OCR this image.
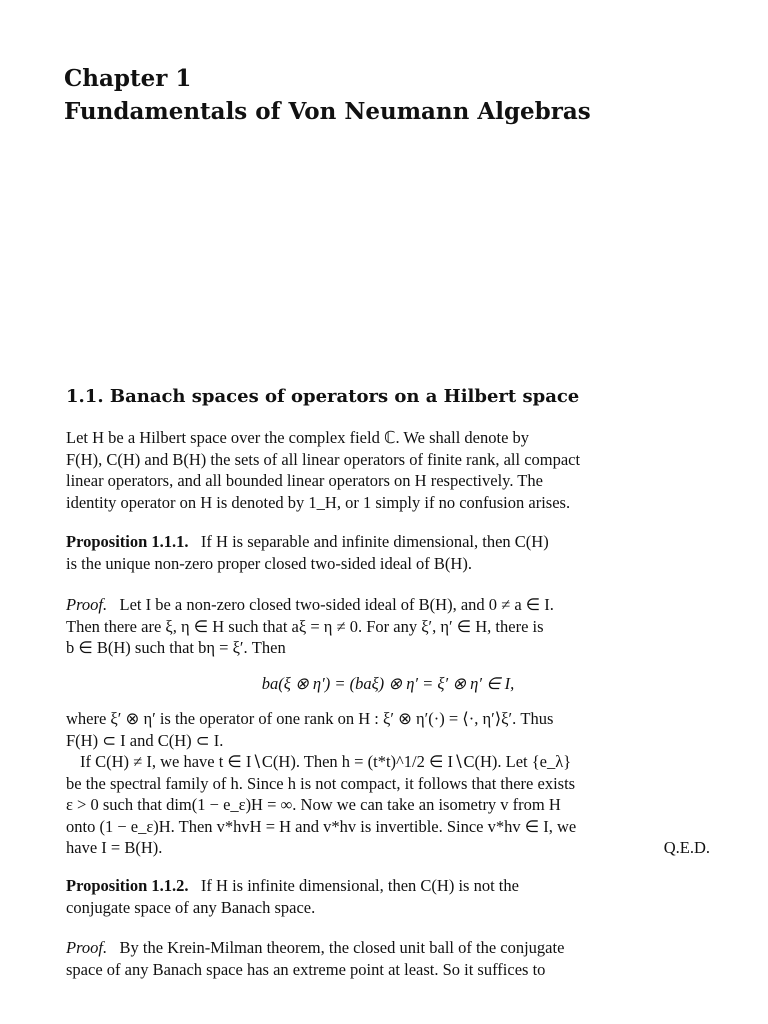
Chapter 1
Fundamentals of Von Neumann Algebras
1.1. Banach spaces of operators on a Hilbert space
Let H be a Hilbert space over the complex field ℂ. We shall denote by
F(H), C(H) and B(H) the sets of all linear operators of finite rank, all compact
linear operators, and all bounded linear operators on H respectively. The
identity operator on H is denoted by 1_H, or 1 simply if no confusion arises.
Proposition 1.1.1. If H is separable and infinite dimensional, then C(H)
is the unique non-zero proper closed two-sided ideal of B(H).
Proof. Let I be a non-zero closed two-sided ideal of B(H), and 0 ≠ a ∈ I.
Then there are ξ, η ∈ H such that aξ = η ≠ 0. For any ξ′, η′ ∈ H, there is
b ∈ B(H) such that bη = ξ′. Then
ba(ξ ⊗ η′) = (baξ) ⊗ η′ = ξ′ ⊗ η′ ∈ I,
where ξ′ ⊗ η′ is the operator of one rank on H : ξ′ ⊗ η′(·) = ⟨·, η′⟩ξ′. Thus
F(H) ⊂ I and C(H) ⊂ I.
If C(H) ≠ I, we have t ∈ I∖C(H). Then h = (t*t)^1/2 ∈ I∖C(H). Let {e_λ}
be the spectral family of h. Since h is not compact, it follows that there exists
ε > 0 such that dim(1 − e_ε)H = ∞. Now we can take an isometry v from H
onto (1 − e_ε)H. Then v*hvH = H and v*hv is invertible. Since v*hv ∈ I, we
have I = B(H).	Q.E.D.
Proposition 1.1.2. If H is infinite dimensional, then C(H) is not the
conjugate space of any Banach space.
Proof. By the Krein-Milman theorem, the closed unit ball of the conjugate
space of any Banach space has an extreme point at least. So it suffices to
